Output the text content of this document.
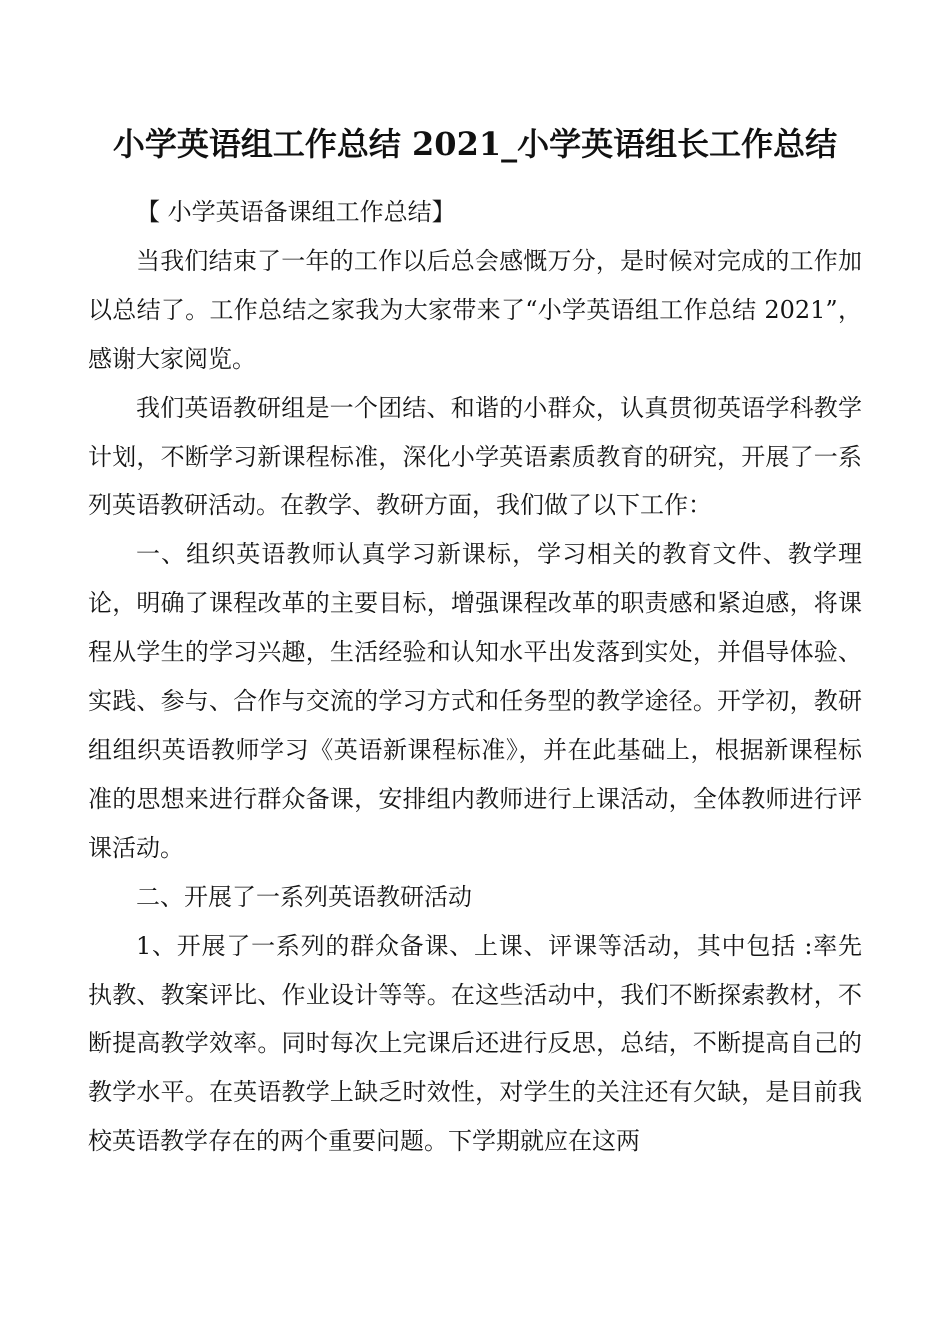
小学英语组工作总结 2021_小学英语组长工作总结

【 小学英语备课组工作总结】

当我们结束了一年的工作以后总会感慨万分，是时候对完成的工作加以总结了。工作总结之家我为大家带来了“小学英语组工作总结 2021”，感谢大家阅览。

我们英语教研组是一个团结、和谐的小群众，认真贯彻英语学科教学计划，不断学习新课程标准，深化小学英语素质教育的研究，开展了一系列英语教研活动。在教学、教研方面，我们做了以下工作：

一、组织英语教师认真学习新课标，学习相关的教育文件、教学理论，明确了课程改革的主要目标，增强课程改革的职责感和紧迫感，将课程从学生的学习兴趣，生活经验和认知水平出发落到实处，并倡导体验、实践、参与、合作与交流的学习方式和任务型的教学途径。开学初，教研组组织英语教师学习《英语新课程标准》，并在此基础上，根据新课程标准的思想来进行群众备课，安排组内教师进行上课活动，全体教师进行评课活动。

二、开展了一系列英语教研活动

1、开展了一系列的群众备课、上课、评课等活动，其中包括 :率先执教、教案评比、作业设计等等。在这些活动中，我们不断探索教材，不断提高教学效率。同时每次上完课后还进行反思，总结，不断提高自己的教学水平。在英语教学上缺乏时效性，对学生的关注还有欠缺，是目前我校英语教学存在的两个重要问题。下学期就应在这两
